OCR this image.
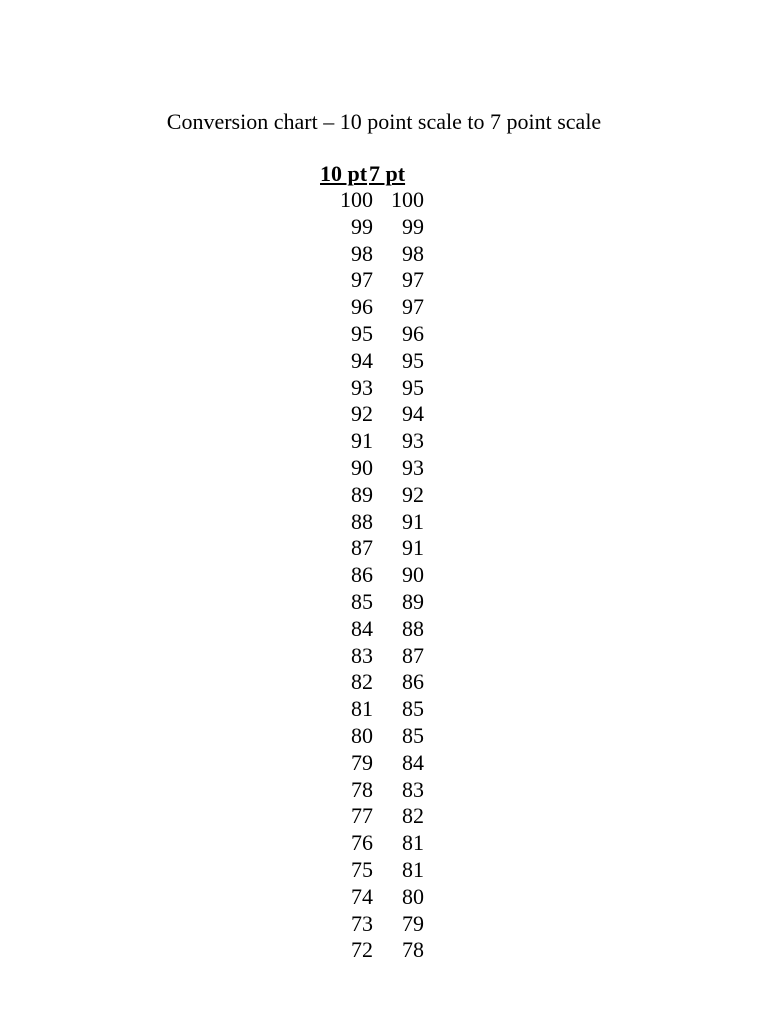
Conversion chart – 10 point scale to 7 point scale
10 pt 7 pt
100 100
99	99
98	98
97	97
96	97
95	96
94	95
93	95
92	94
91	93
90	93
89	92
88	91
87	91
86	90
85	89
84	88
83	87
82	86
81	85
80	85
79	84
78	83
77	82
76	81
75	81
74	80
73	79
72	78
